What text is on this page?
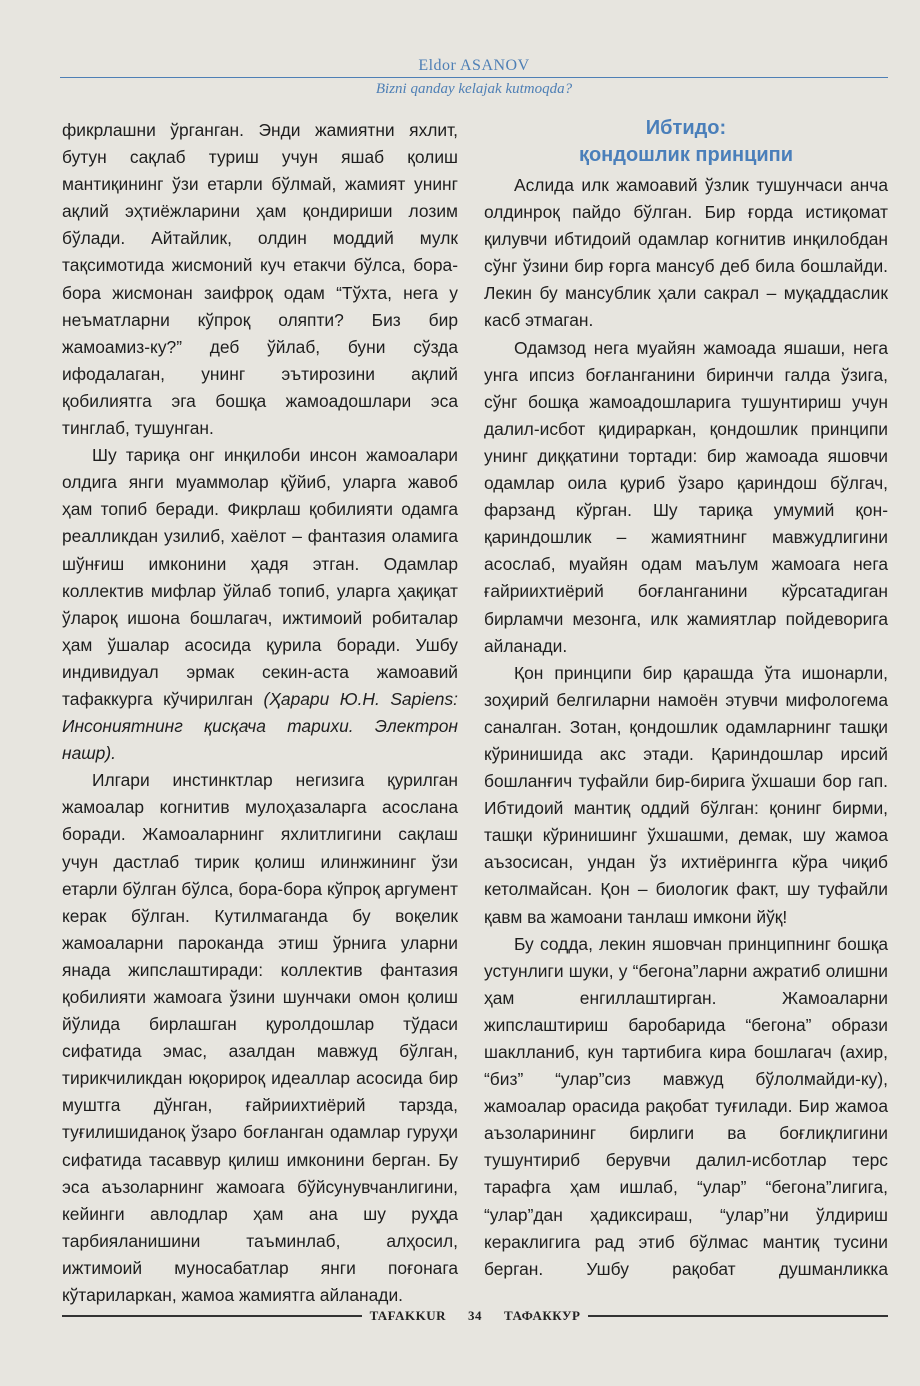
Eldor ASANOV
Bizni qanday kelajak kutmoqda?

фикрлашни ўрганган. Энди жамиятни яхлит, бутун сақлаб туриш учун яшаб қолиш мантиқининг ўзи етарли бўлмай, жамият унинг ақлий эҳтиёжларини ҳам қондириши лозим бўлади. Айтайлик, олдин моддий мулк тақсимотида жисмоний куч етакчи бўлса, бора-бора жисмонан заифроқ одам “Тўхта, нега у неъматларни кўпроқ оляпти? Биз бир жамоамиз-ку?” деб ўйлаб, буни сўзда ифодалаган, унинг эътирозини ақлий қобилиятга эга бошқа жамоадошлари эса тинглаб, тушунган.

Шу тариқа онг инқилоби инсон жамоалари олдига янги муаммолар қўйиб, уларга жавоб ҳам топиб беради. Фикрлаш қобилияти одамга реалликдан узилиб, хаёлот – фантазия оламига шўнғиш имконини ҳадя этган. Одамлар коллектив мифлар ўйлаб топиб, уларга ҳақиқат ўлароқ ишона бошлагач, ижтимоий робиталар ҳам ўшалар асосида қурила боради. Ушбу индивидуал эрмак секин-аста жамоавий тафаккурга кўчирилган (Ҳарари Ю.Н. Sapiens: Инсониятнинг қисқача тарихи. Электрон нашр).

Илгари инстинктлар негизига қурилган жамоалар когнитив мулоҳазаларга асослана боради. Жамоаларнинг яхлитлигини сақлаш учун дастлаб тирик қолиш илинжининг ўзи етарли бўлган бўлса, бора-бора кўпроқ аргумент керак бўлган. Кутилмаганда бу воқелик жамоаларни пароканда этиш ўрнига уларни янада жипслаштиради: коллектив фантазия қобилияти жамоага ўзини шунчаки омон қолиш йўлида бирлашган қуролдошлар тўдаси сифатида эмас, азалдан мавжуд бўлган, тирикчиликдан юқорироқ идеаллар асосида бир муштга дўнган, ғайриихтиёрий тарзда, туғилишиданоқ ўзаро боғланган одамлар гуруҳи сифатида тасаввур қилиш имконини берган. Бу эса аъзоларнинг жамоага бўйсунувчанлигини, кейинги авлодлар ҳам ана шу руҳда тарбияланишини таъминлаб, алҳосил, ижтимоий муносабатлар янги поғонага кўтариларкан, жамоа жамиятга айланади.

Ибтидо:
қондошлик принципи

Аслида илк жамоавий ўзлик тушунчаси анча олдинроқ пайдо бўлган. Бир ғорда истиқомат қилувчи ибтидоий одамлар когнитив инқилобдан сўнг ўзини бир ғорга мансуб деб била бошлайди. Лекин бу мансублик ҳали сакрал – муқаддаслик касб этмаган.

Одамзод нега муайян жамоада яшаши, нега унга ипсиз боғланганини биринчи галда ўзига, сўнг бошқа жамоадошларига тушунтириш учун далил-исбот қидираркан, қондошлик принципи унинг диққатини тортади: бир жамоада яшовчи одамлар оила қуриб ўзаро қариндош бўлгач, фарзанд кўрган. Шу тариқа умумий қон-қариндошлик – жамиятнинг мавжудлигини асослаб, муайян одам маълум жамоага нега ғайриихтиёрий боғланганини кўрсатадиган бирламчи мезонга, илк жамиятлар пойдеворига айланади.

Қон принципи бир қарашда ўта ишонарли, зоҳирий белгиларни намоён этувчи мифологема саналган. Зотан, қондошлик одамларнинг ташқи кўринишида акс этади. Қариндошлар ирсий бошланғич туфайли бир-бирига ўхшаши бор гап. Ибтидоий мантиқ оддий бўлган: қонинг бирми, ташқи кўринишинг ўхшашми, демак, шу жамоа аъзосисан, ундан ўз ихтиёрингга кўра чиқиб кетолмайсан. Қон – биологик факт, шу туфайли қавм ва жамоани танлаш имкони йўқ!

Бу содда, лекин яшовчан принципнинг бошқа устунлиги шуки, у “бегона”ларни ажратиб олишни ҳам енгиллаштирган. Жамоаларни жипслаштириш баробарида “бегона” образи шаклланиб, кун тартибига кира бошлагач (ахир, “биз” “улар”сиз мавжуд бўлолмайди-ку), жамоалар орасида рақобат туғилади. Бир жамоа аъзоларининг бирлиги ва боғлиқлигини тушунтириб берувчи далил-исботлар терс тарафга ҳам ишлаб, “улар” “бегона”лигига, “улар”дан ҳадиксираш, “улар”ни ўлдириш кераклигига рад этиб бўлмас мантиқ тусини берган. Ушбу рақобат душманликка

TAFAKKUR	34	ТАФАККУР
